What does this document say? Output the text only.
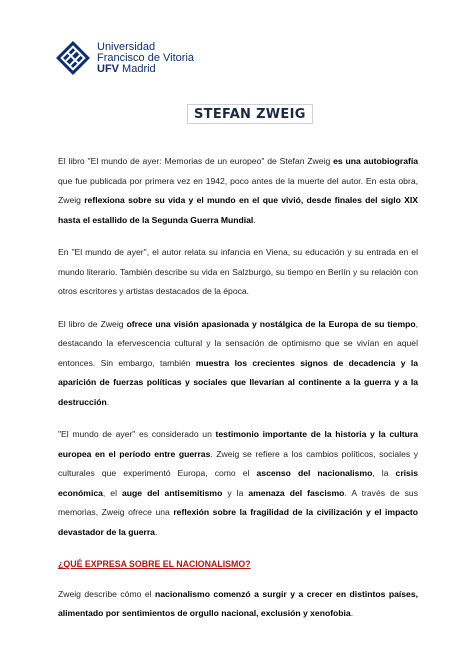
Universidad
Francisco de Vitoria
UFV Madrid
STEFAN ZWEIG

El libro "El mundo de ayer: Memorias de un europeo" de Stefan Zweig es una autobiografía que fue publicada por primera vez en 1942, poco antes de la muerte del autor. En esta obra, Zweig reflexiona sobre su vida y el mundo en el que vivió, desde finales del siglo XIX hasta el estallido de la Segunda Guerra Mundial.

En "El mundo de ayer", el autor relata su infancia en Viena, su educación y su entrada en el mundo literario. También describe su vida en Salzburgo, su tiempo en Berlín y su relación con otros escritores y artistas destacados de la época.

El libro de Zweig ofrece una visión apasionada y nostálgica de la Europa de su tiempo, destacando la efervescencia cultural y la sensación de optimismo que se vivían en aquel entonces. Sin embargo, también muestra los crecientes signos de decadencia y la aparición de fuerzas políticas y sociales que llevarían al continente a la guerra y a la destrucción.

"El mundo de ayer" es considerado un testimonio importante de la historia y la cultura europea en el período entre guerras. Zweig se refiere a los cambios políticos, sociales y culturales que experimentó Europa, como el ascenso del nacionalismo, la crisis económica, el auge del antisemitismo y la amenaza del fascismo. A través de sus memorias, Zweig ofrece una reflexión sobre la fragilidad de la civilización y el impacto devastador de la guerra.

¿QUÉ EXPRESA SOBRE EL NACIONALISMO?

Zweig describe cómo el nacionalismo comenzó a surgir y a crecer en distintos países, alimentado por sentimientos de orgullo nacional, exclusión y xenofobia.
